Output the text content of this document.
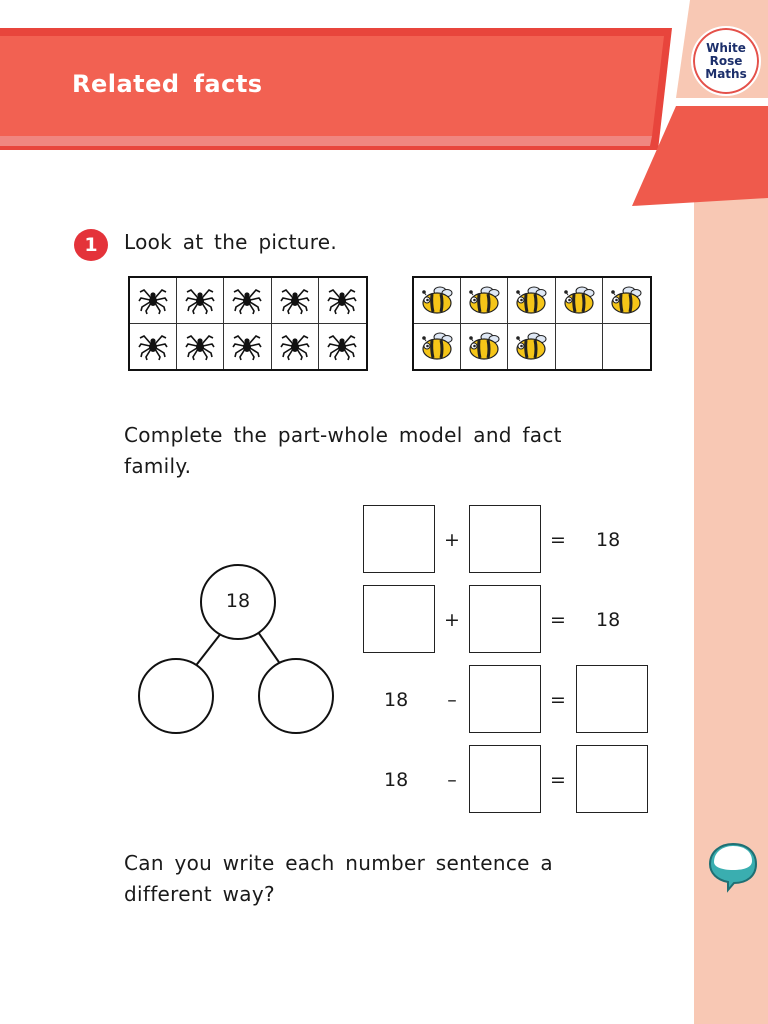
Related facts
White
Rose
Maths
1	Look at the picture.
Complete the part-whole model and fact family.
18
+	= 18
+	= 18
18 –	=
18 –	=
Can you write each number sentence a different way?
